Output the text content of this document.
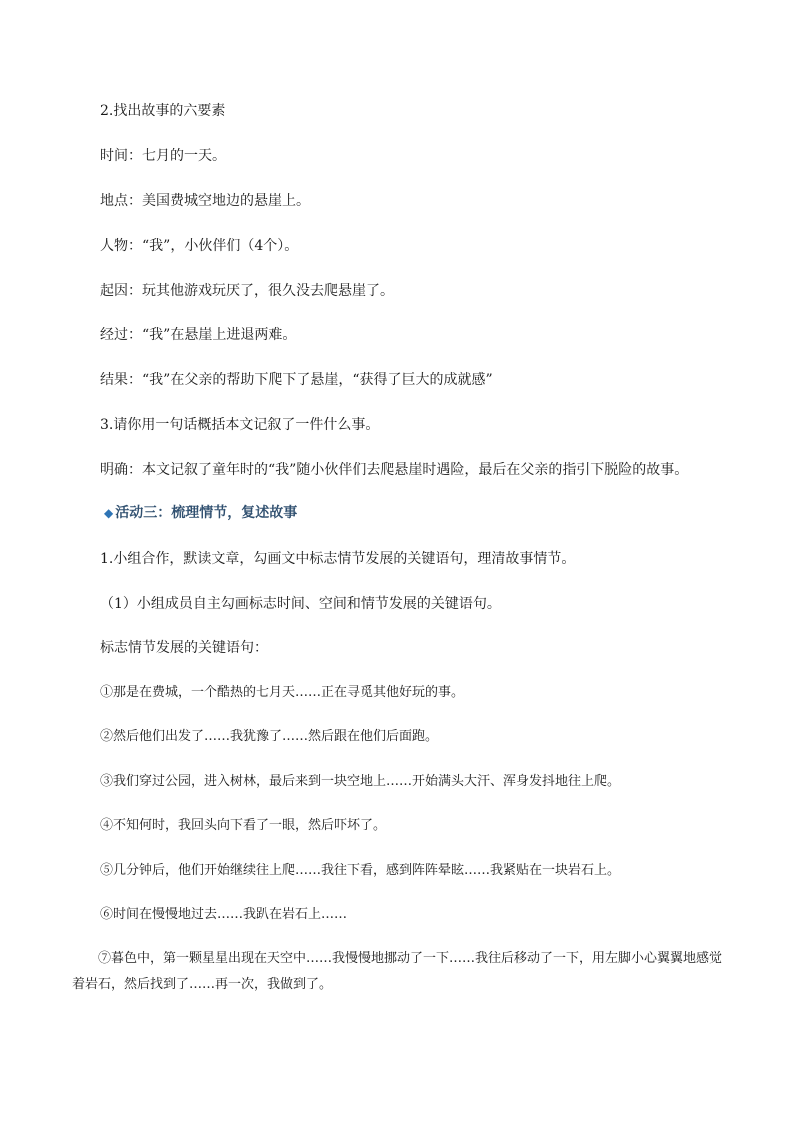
2.找出故事的六要素
时间：七月的一天。
地点：美国费城空地边的悬崖上。
人物：“我”，小伙伴们（4个）。
起因：玩其他游戏玩厌了，很久没去爬悬崖了。
经过：“我”在悬崖上进退两难。
结果：“我”在父亲的帮助下爬下了悬崖，“获得了巨大的成就感”
3.请你用一句话概括本文记叙了一件什么事。
明确：本文记叙了童年时的“我”随小伙伴们去爬悬崖时遇险，最后在父亲的指引下脱险的故事。
◆ 活动三：梳理情节，复述故事
1.小组合作，默读文章，勾画文中标志情节发展的关键语句，理清故事情节。
（1）小组成员自主勾画标志时间、空间和情节发展的关键语句。
标志情节发展的关键语句：
①那是在费城，一个酷热的七月天……正在寻觅其他好玩的事。
②然后他们出发了……我犹豫了……然后跟在他们后面跑。
③我们穿过公园，进入树林，最后来到一块空地上……开始满头大汗、浑身发抖地往上爬。
④不知何时，我回头向下看了一眼，然后吓坏了。
⑤几分钟后，他们开始继续往上爬……我往下看，感到阵阵晕眩……我紧贴在一块岩石上。
⑥时间在慢慢地过去……我趴在岩石上……
⑦暮色中，第一颗星星出现在天空中……我慢慢地挪动了一下……我往后移动了一下，用左脚小心翼翼地感觉着岩石，然后找到了……再一次，我做到了。
